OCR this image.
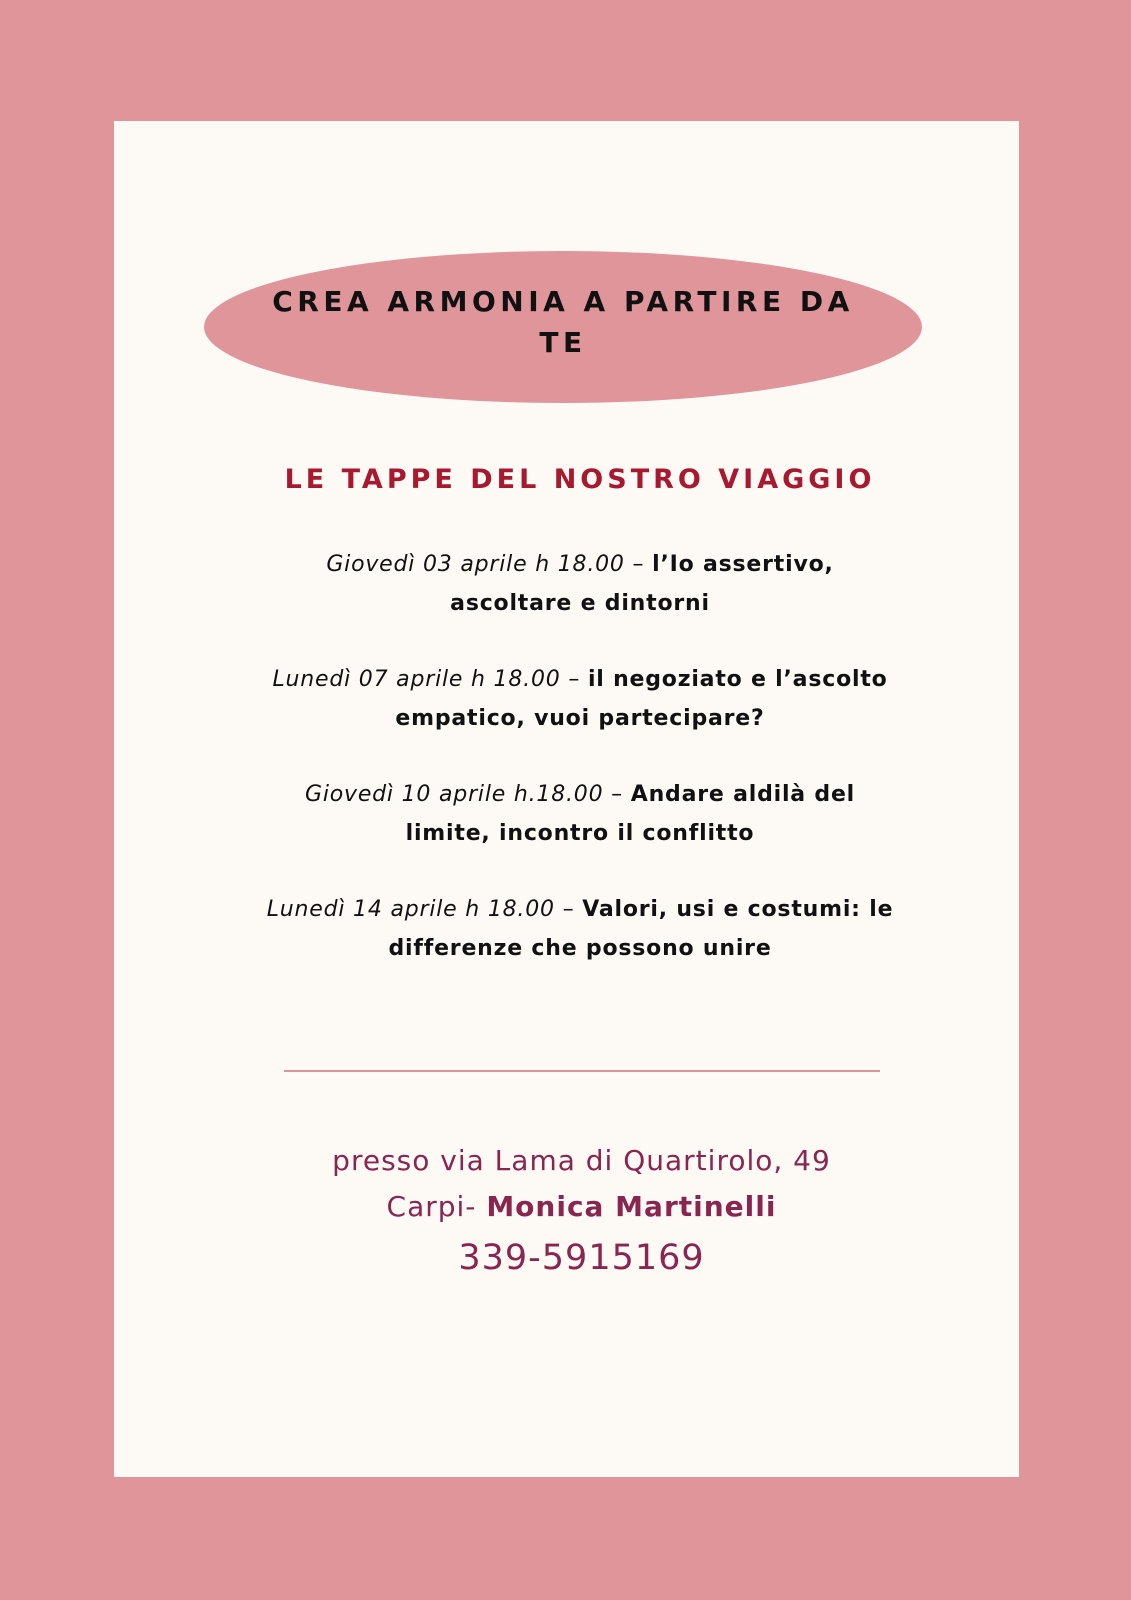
CREA ARMONIA A PARTIRE DA TE
LE TAPPE DEL NOSTRO VIAGGIO

Giovedì 03 aprile h 18.00 – l’Io assertivo, ascoltare e dintorni

Lunedì 07 aprile h 18.00 – il negoziato e l’ascolto empatico, vuoi partecipare?

Giovedì 10 aprile h.18.00 – Andare aldilà del limite, incontro il conflitto

Lunedì 14 aprile h 18.00 – Valori, usi e costumi: le differenze che possono unire

presso via Lama di Quartirolo, 49
Carpi- Monica Martinelli
339-5915169
